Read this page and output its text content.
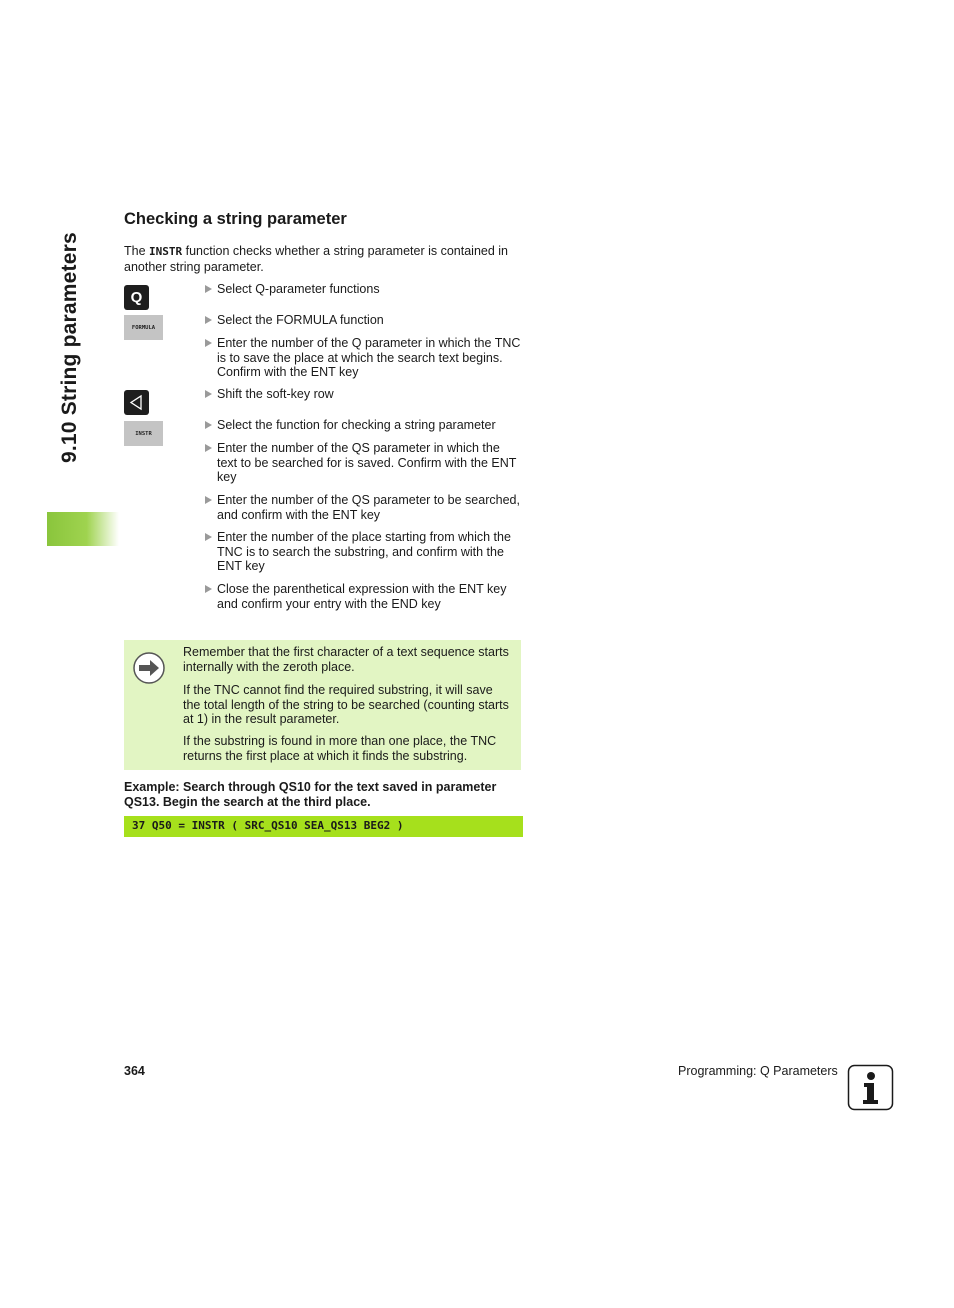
9.10 String parameters
Checking a string parameter
The INSTR function checks whether a string parameter is contained in another string parameter.
Q
FORMULA
INSTR
Select Q-parameter functions
Select the FORMULA function
Enter the number of the Q parameter in which the TNC is to save the place at which the search text begins. Confirm with the ENT key
Shift the soft-key row
Select the function for checking a string parameter
Enter the number of the QS parameter in which the text to be searched for is saved. Confirm with the ENT key
Enter the number of the QS parameter to be searched, and confirm with the ENT key
Enter the number of the place starting from which the TNC is to search the substring, and confirm with the ENT key
Close the parenthetical expression with the ENT key and confirm your entry with the END key
Remember that the first character of a text sequence starts internally with the zeroth place.
If the TNC cannot find the required substring, it will save the total length of the string to be searched (counting starts at 1) in the result parameter.
If the substring is found in more than one place, the TNC returns the first place at which it finds the substring.
Example: Search through QS10 for the text saved in parameter QS13. Begin the search at the third place.
37 Q50 = INSTR ( SRC_QS10 SEA_QS13 BEG2 )
364	Programming: Q Parameters
